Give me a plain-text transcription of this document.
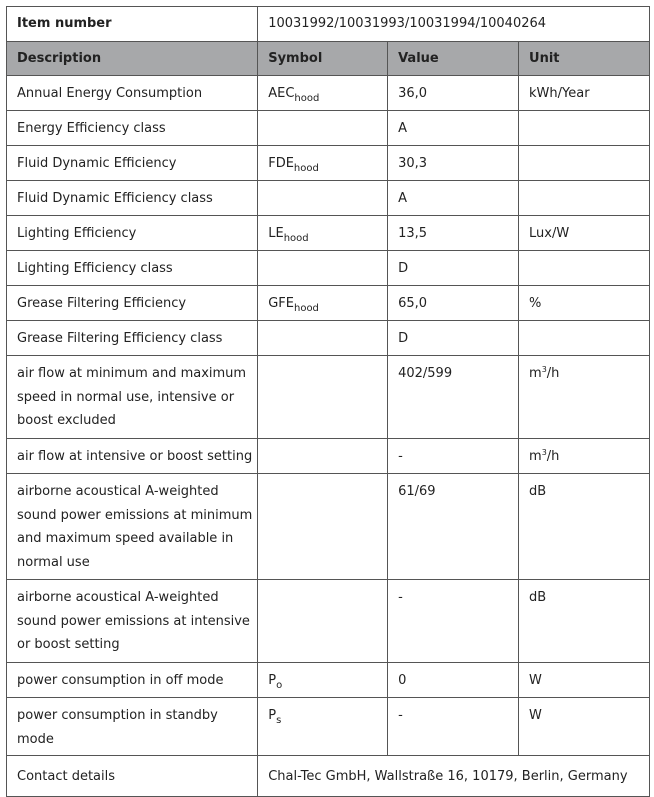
Item number	10031992/10031993/10031994/10040264		
Description	Symbol	Value	Unit
Annual Energy Consumption	$AEC_{hood}$	36,0	kWh/Year
Energy Efficiency class		A	
Fluid Dynamic Efficiency	$FDE_{hood}$	30,3	
Fluid Dynamic Efficiency class		A	
Lighting Efficiency	$LE_{hood}$	13,5	Lux/W
Lighting Efficiency class		D	
Grease Filtering Efficiency	$GFE_{hood}$	65,0	%
Grease Filtering Efficiency class		D	
air flow at minimum and maximum speed in normal use, intensive or boost excluded		402/599	$m^3/h$
air flow at intensive or boost setting		-	$m^3/h$
airborne acoustical A-weighted sound power emissions at minimum and maximum speed available in normal use		61/69	dB
airborne acoustical A-weighted sound power emissions at intensive or boost setting		-	dB
power consumption in off mode	$P_o$	0	W
power consumption in standby mode	$P_s$	-	W
Contact details	Chal-Tec GmbH, Wallstraße 16, 10179, Berlin, Germany		
